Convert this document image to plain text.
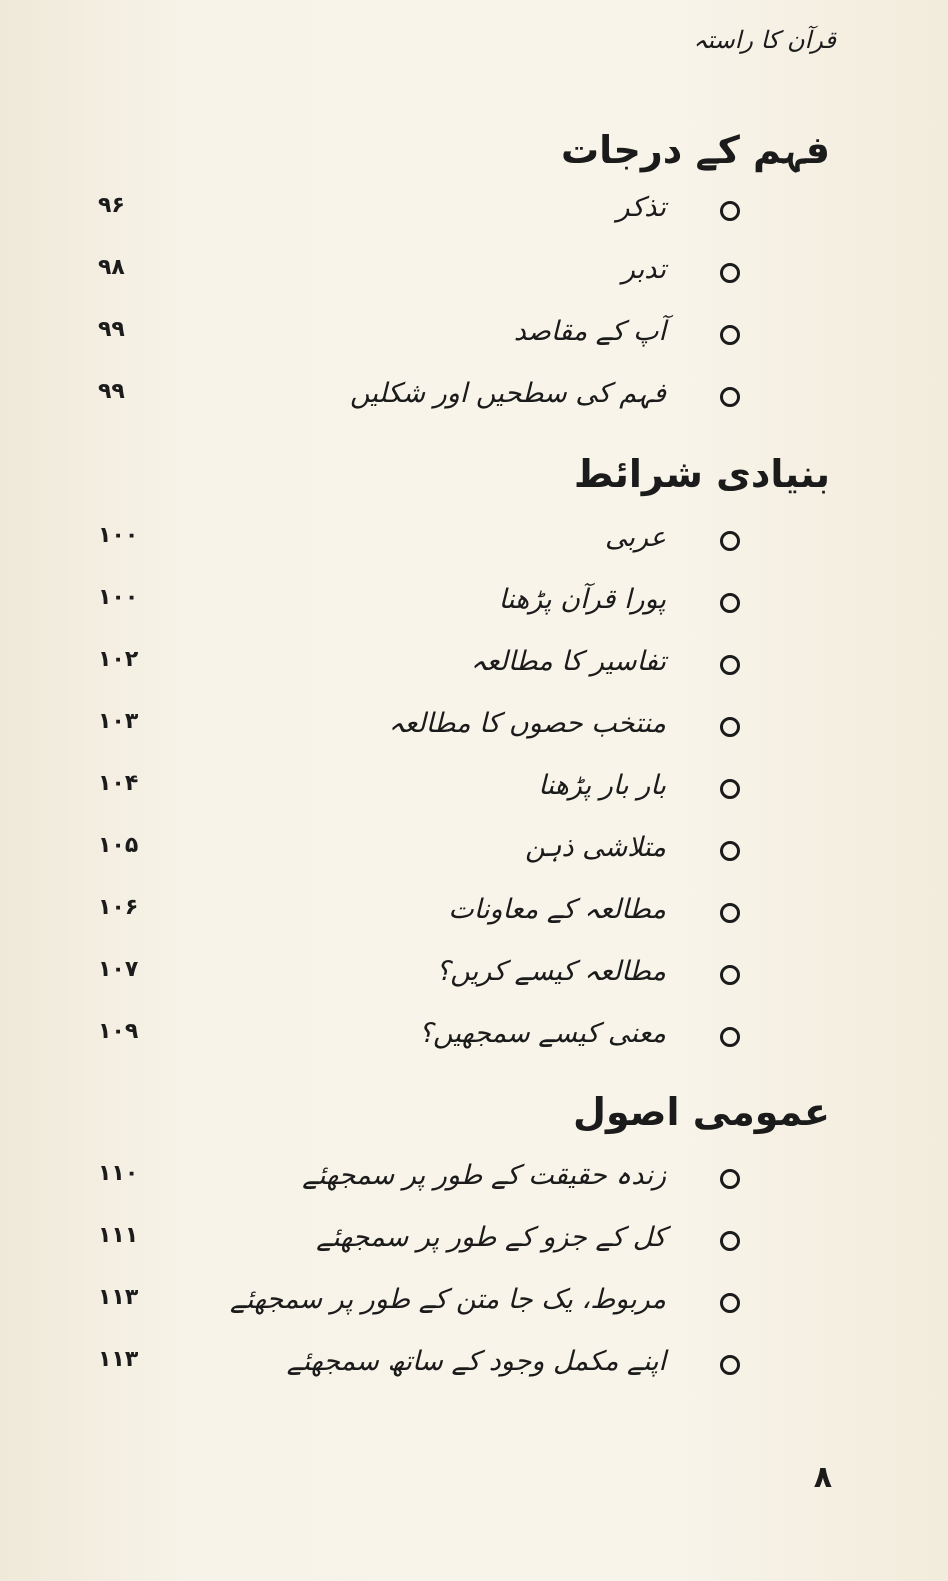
قرآن کا راستہ
فہم کے درجات
تذکر
۹۶
تدبر
۹۸
آپ کے مقاصد
۹۹
فہم کی سطحیں اور شکلیں
۹۹
بنیادی شرائط
عربی
۱۰۰
پورا قرآن پڑھنا
۱۰۰
تفاسیر کا مطالعہ
۱۰۲
منتخب حصوں کا مطالعہ
۱۰۳
بار بار پڑھنا
۱۰۴
متلاشی ذہن
۱۰۵
مطالعہ کے معاونات
۱۰۶
مطالعہ کیسے کریں؟
۱۰۷
معنی کیسے سمجھیں؟
۱۰۹
عمومی اصول
زندہ حقیقت کے طور پر سمجھئے
۱۱۰
کل کے جزو کے طور پر سمجھئے
۱۱۱
مربوط، یک جا متن کے طور پر سمجھئے
۱۱۳
اپنے مکمل وجود کے ساتھ سمجھئے
۱۱۳
۸
